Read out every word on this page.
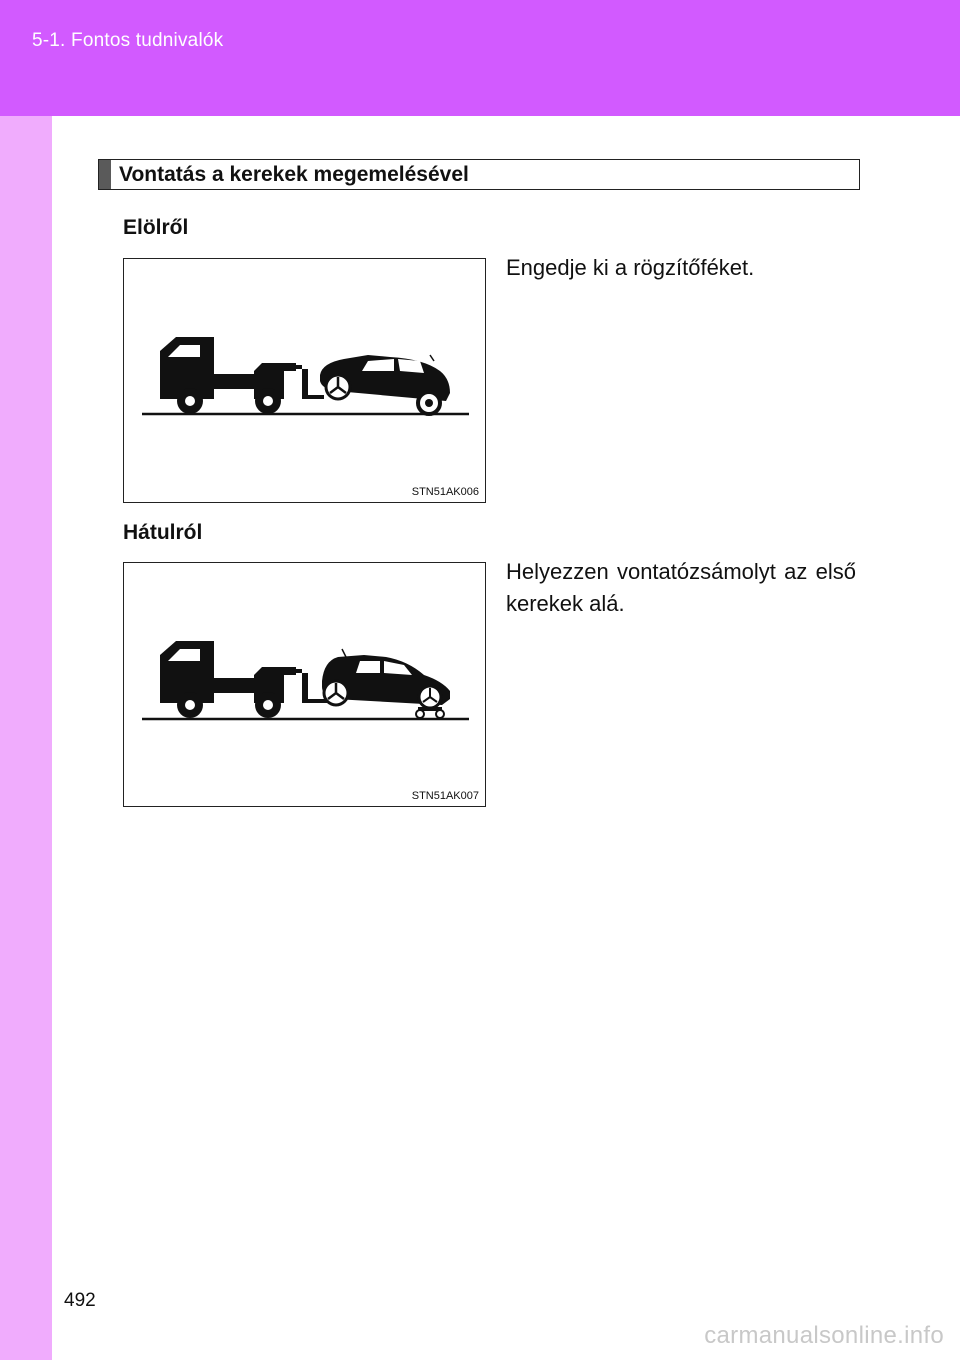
5-1. Fontos tudnivalók
Vontatás a kerekek megemelésével
Elölről
STN51AK006
Engedje ki a rögzítőféket.
Hátulról
STN51AK007
Helyezzen vontatózsámolyt az első kerekek alá.
492
carmanualsonline.info
